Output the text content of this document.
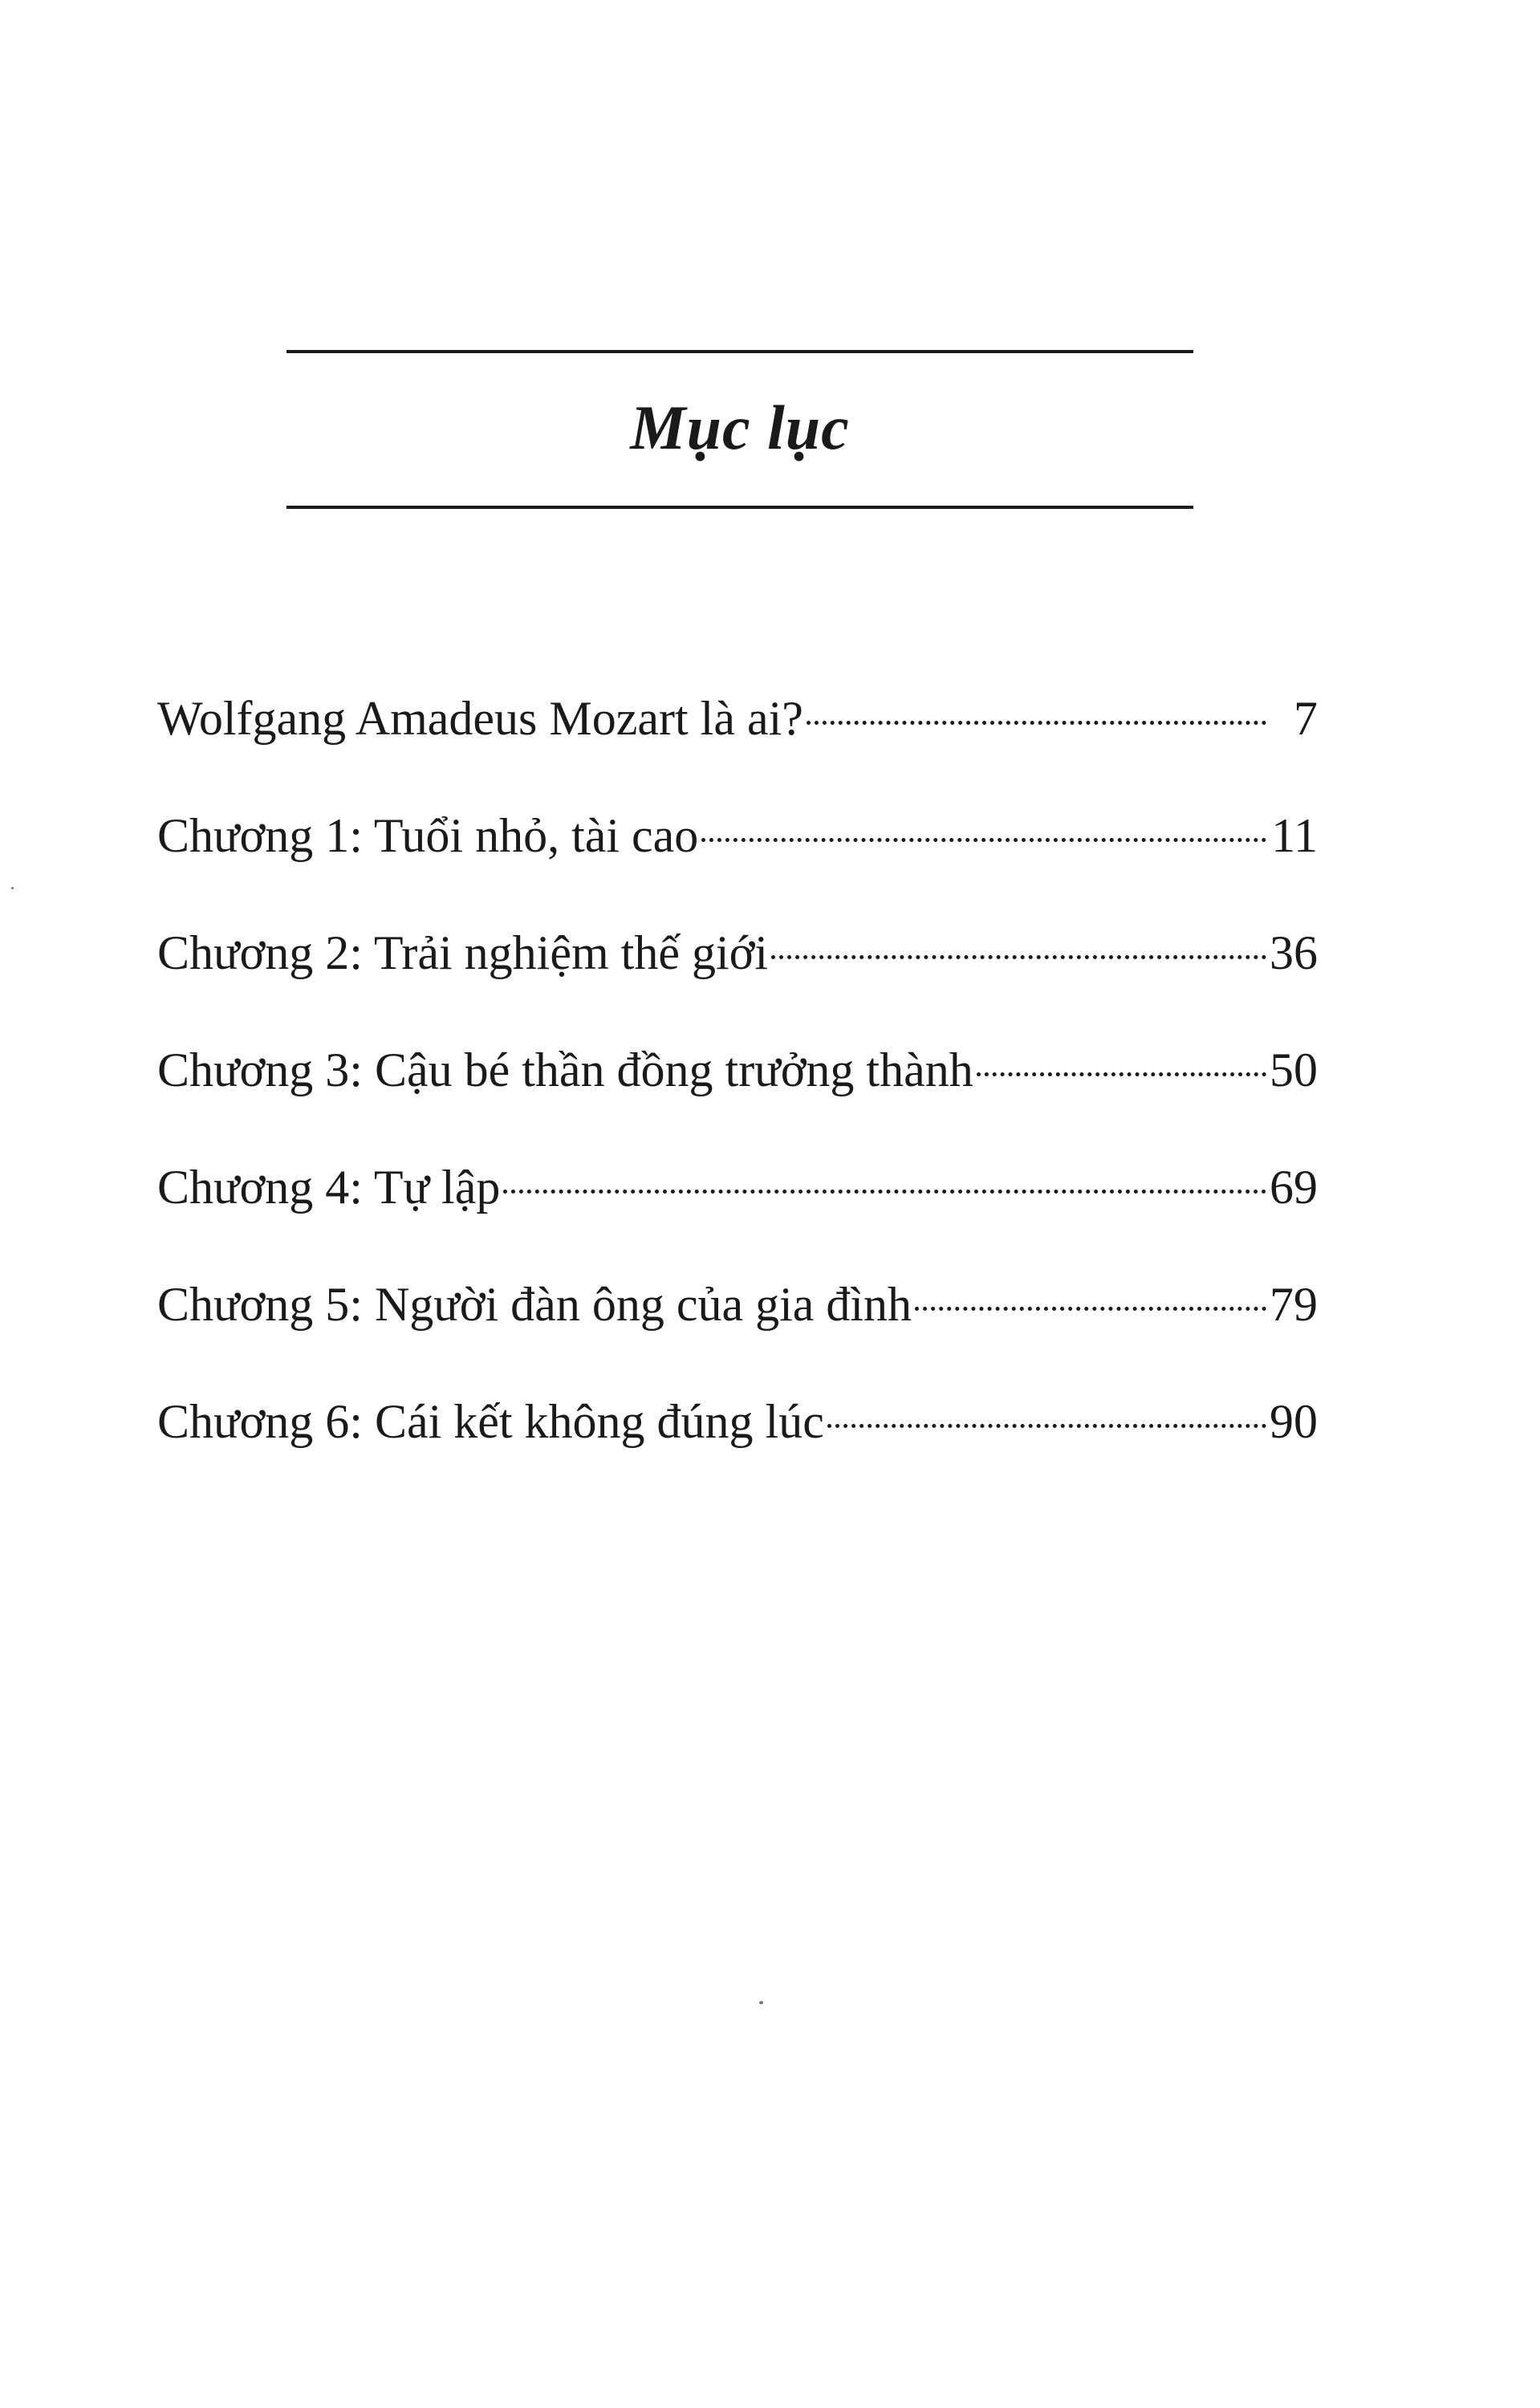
Mục lục
Wolfgang Amadeus Mozart là ai?	7
Chương 1: Tuổi nhỏ, tài cao	11
Chương 2: Trải nghiệm thế giới	36
Chương 3: Cậu bé thần đồng trưởng thành	50
Chương 4: Tự lập	69
Chương 5: Người đàn ông của gia đình	79
Chương 6: Cái kết không đúng lúc	90
